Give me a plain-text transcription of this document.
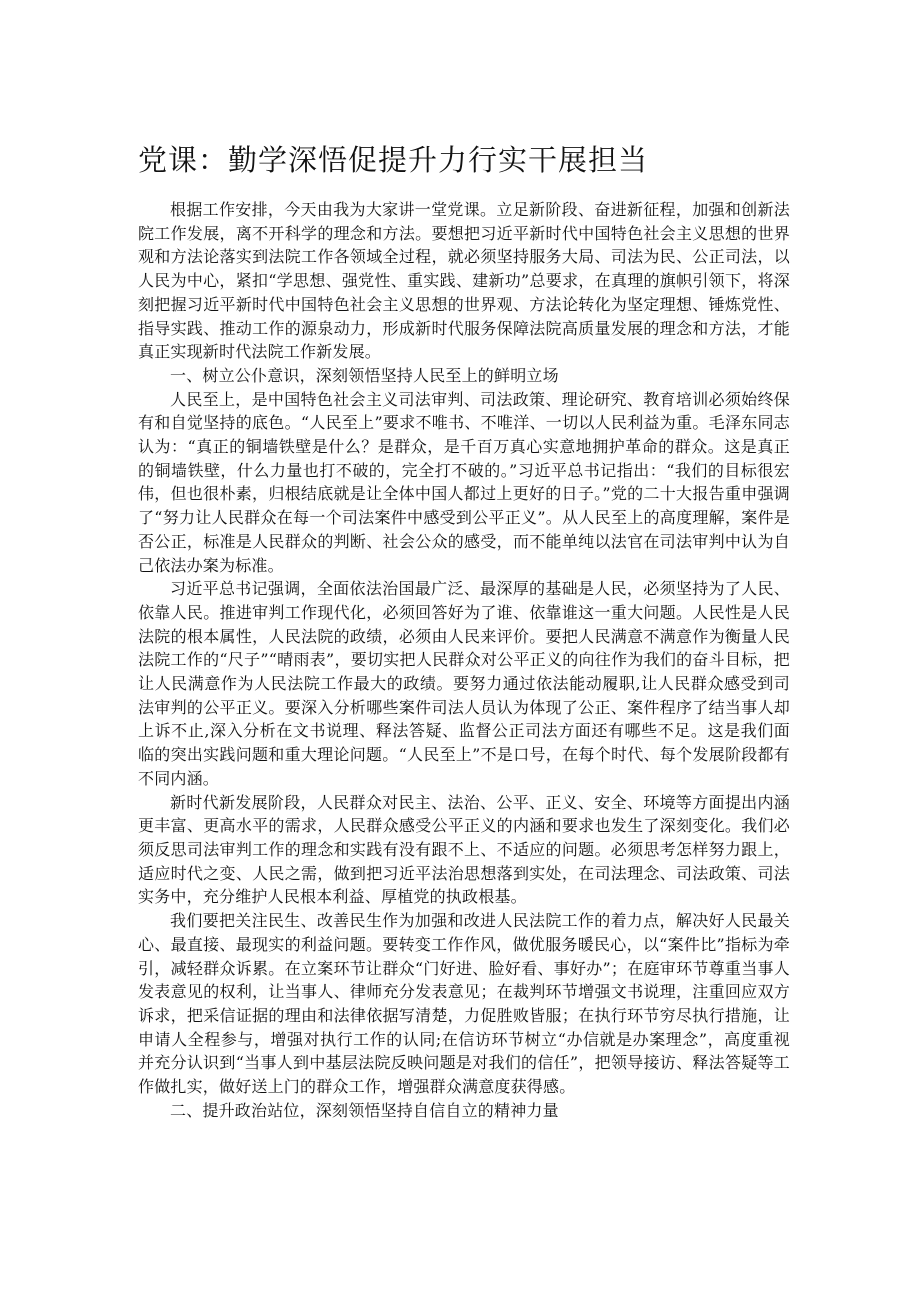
党课：勤学深悟促提升力行实干展担当

根据工作安排，今天由我为大家讲一堂党课。立足新阶段、奋进新征程，加强和创新法院工作发展，离不开科学的理念和方法。要想把习近平新时代中国特色社会主义思想的世界观和方法论落实到法院工作各领域全过程，就必须坚持服务大局、司法为民、公正司法，以人民为中心，紧扣“学思想、强党性、重实践、建新功”总要求，在真理的旗帜引领下，将深刻把握习近平新时代中国特色社会主义思想的世界观、方法论转化为坚定理想、锤炼党性、指导实践、推动工作的源泉动力，形成新时代服务保障法院高质量发展的理念和方法，才能真正实现新时代法院工作新发展。

一、树立公仆意识，深刻领悟坚持人民至上的鲜明立场

人民至上，是中国特色社会主义司法审判、司法政策、理论研究、教育培训必须始终保有和自觉坚持的底色。“人民至上”要求不唯书、不唯洋、一切以人民利益为重。毛泽东同志认为：“真正的铜墙铁壁是什么？是群众，是千百万真心实意地拥护革命的群众。这是真正的铜墙铁壁，什么力量也打不破的，完全打不破的。”习近平总书记指出：“我们的目标很宏伟，但也很朴素，归根结底就是让全体中国人都过上更好的日子。”党的二十大报告重申强调了“努力让人民群众在每一个司法案件中感受到公平正义”。从人民至上的高度理解，案件是否公正，标准是人民群众的判断、社会公众的感受，而不能单纯以法官在司法审判中认为自己依法办案为标准。

习近平总书记强调，全面依法治国最广泛、最深厚的基础是人民，必须坚持为了人民、依靠人民。推进审判工作现代化，必须回答好为了谁、依靠谁这一重大问题。人民性是人民法院的根本属性，人民法院的政绩，必须由人民来评价。要把人民满意不满意作为衡量人民法院工作的“尺子”“晴雨表”，要切实把人民群众对公平正义的向往作为我们的奋斗目标，把让人民满意作为人民法院工作最大的政绩。要努力通过依法能动履职,让人民群众感受到司法审判的公平正义。要深入分析哪些案件司法人员认为体现了公正、案件程序了结当事人却上诉不止,深入分析在文书说理、释法答疑、监督公正司法方面还有哪些不足。这是我们面临的突出实践问题和重大理论问题。“人民至上”不是口号，在每个时代、每个发展阶段都有不同内涵。

新时代新发展阶段，人民群众对民主、法治、公平、正义、安全、环境等方面提出内涵更丰富、更高水平的需求，人民群众感受公平正义的内涵和要求也发生了深刻变化。我们必须反思司法审判工作的理念和实践有没有跟不上、不适应的问题。必须思考怎样努力跟上，适应时代之变、人民之需，做到把习近平法治思想落到实处，在司法理念、司法政策、司法实务中，充分维护人民根本利益、厚植党的执政根基。

我们要把关注民生、改善民生作为加强和改进人民法院工作的着力点，解决好人民最关心、最直接、最现实的利益问题。要转变工作作风，做优服务暖民心，以“案件比”指标为牵引，减轻群众诉累。在立案环节让群众“门好进、脸好看、事好办”；在庭审环节尊重当事人发表意见的权利，让当事人、律师充分发表意见；在裁判环节增强文书说理，注重回应双方诉求，把采信证据的理由和法律依据写清楚，力促胜败皆服；在执行环节穷尽执行措施，让申请人全程参与，增强对执行工作的认同;在信访环节树立“办信就是办案理念”，高度重视并充分认识到“当事人到中基层法院反映问题是对我们的信任”，把领导接访、释法答疑等工作做扎实，做好送上门的群众工作，增强群众满意度获得感。

二、提升政治站位，深刻领悟坚持自信自立的精神力量
